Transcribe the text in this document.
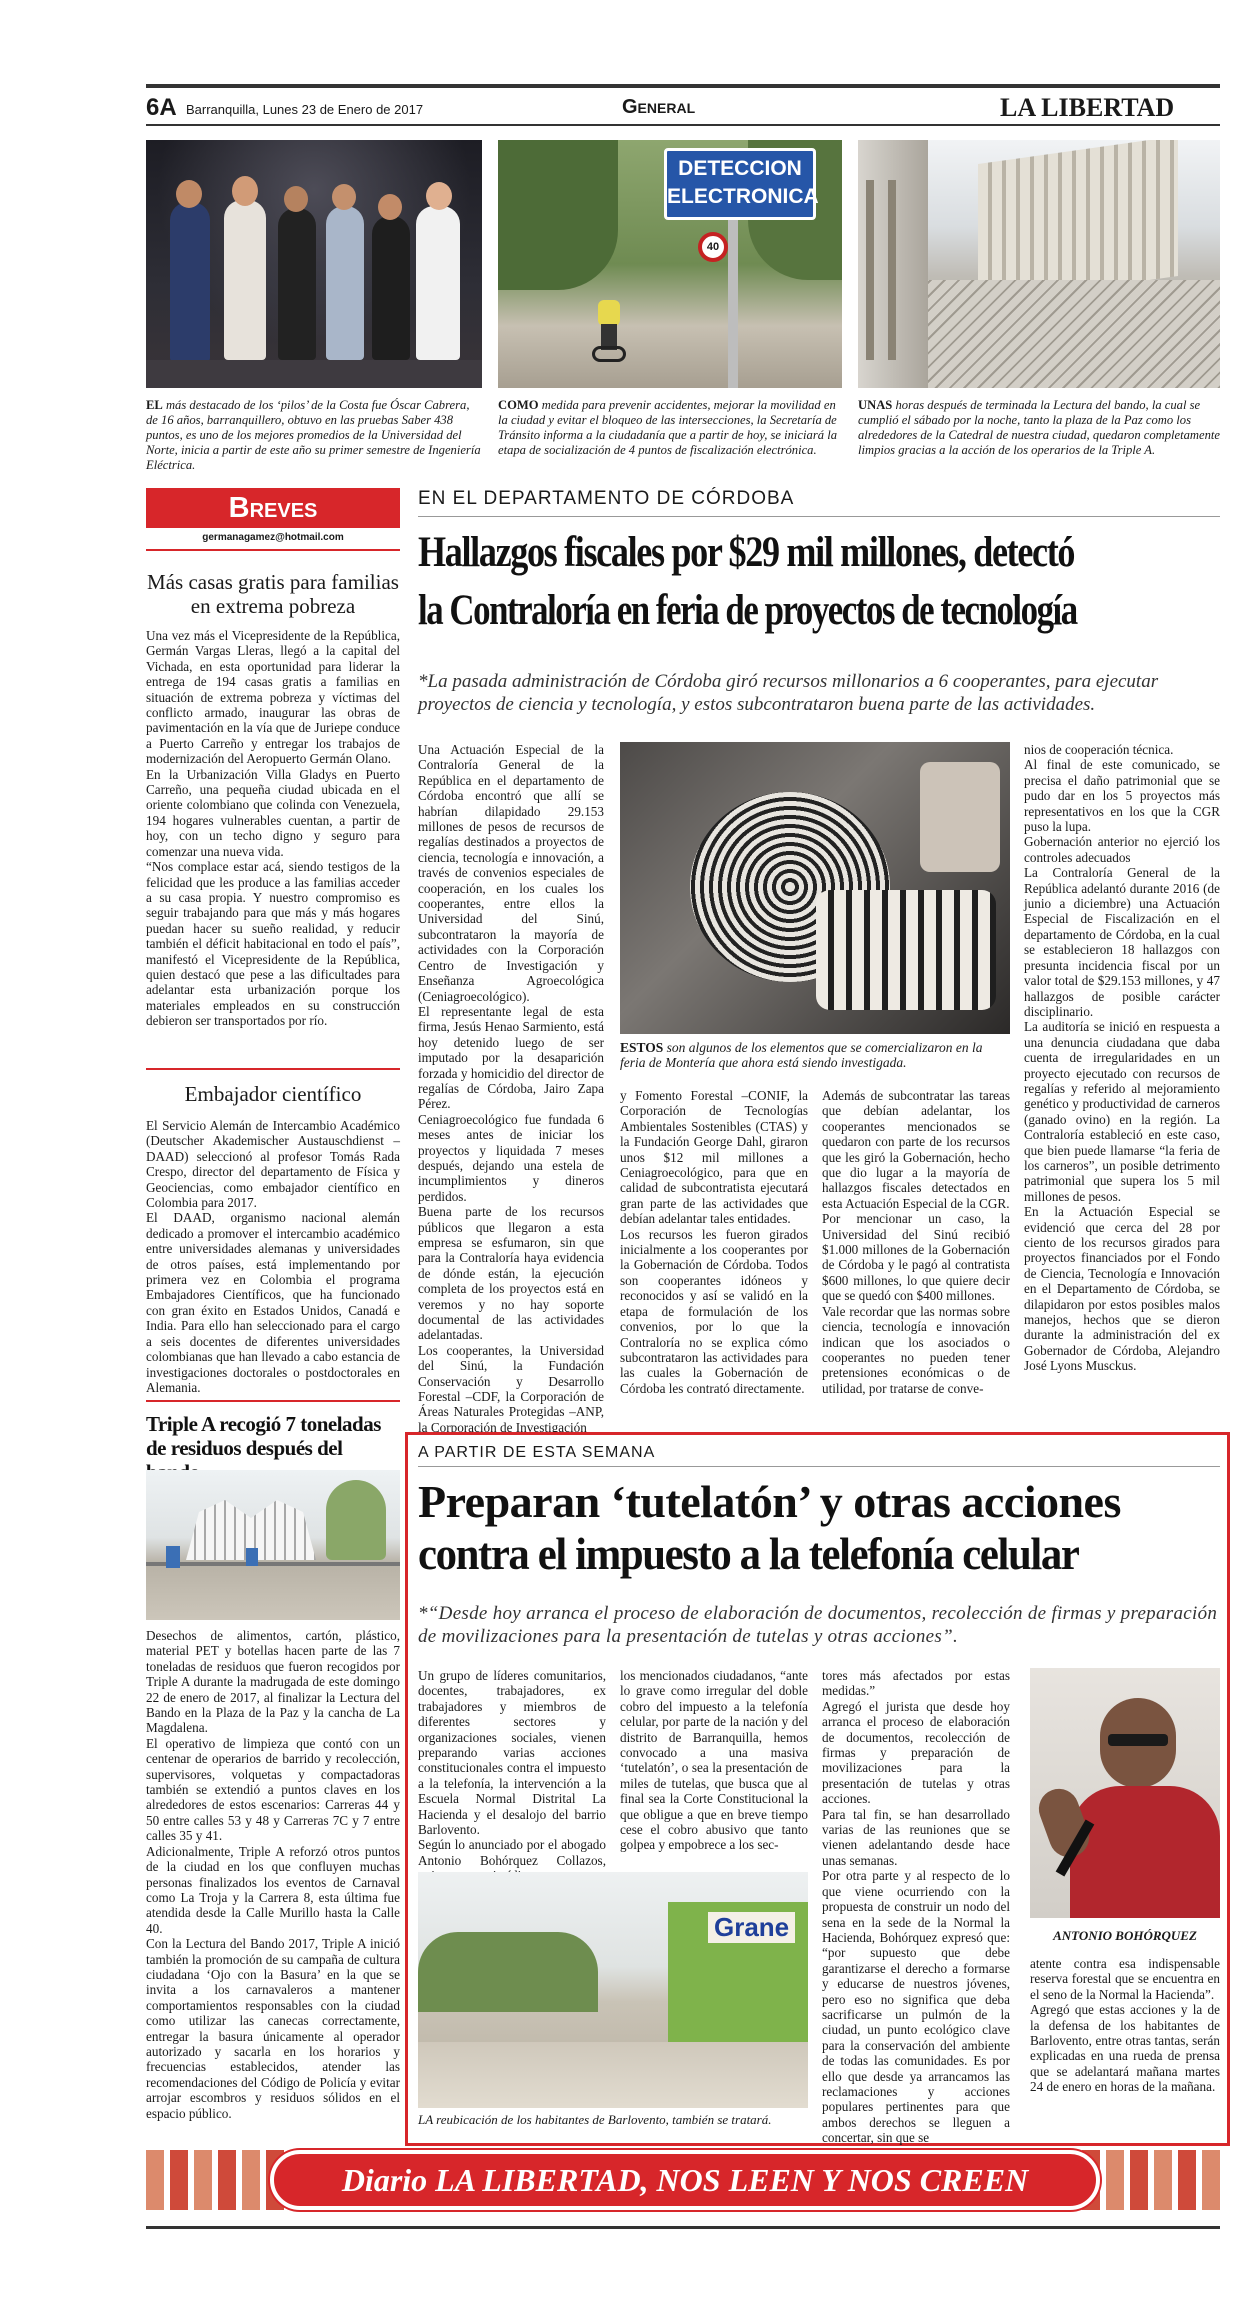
6A Barranquilla, Lunes 23 de Enero de 2017	General	LA LIBERTAD
DETECCION
ELECTRONICA
40
EL más destacado de los ‘pilos’ de la Costa fue Óscar Cabrera, de 16 años, barranquillero, obtuvo en las pruebas Saber 438 puntos, es uno de los mejores promedios de la Universidad del Norte, inicia a partir de este año su primer semestre de Ingeniería Eléctrica.
COMO medida para prevenir accidentes, mejorar la movilidad en la ciudad y evitar el bloqueo de las intersecciones, la Secretaría de Tránsito informa a la ciudadanía que a partir de hoy, se iniciará la etapa de socialización de 4 puntos de fiscalización electrónica.
UNAS horas después de terminada la Lectura del bando, la cual se cumplió el sábado por la noche, tanto la plaza de la Paz como los alrededores de la Catedral de nuestra ciudad, quedaron completamente limpios gracias a la acción de los operarios de la Triple A.
Breves
germanagamez@hotmail.com
Más casas gratis para familias en extrema pobreza

Una vez más el Vicepresidente de la República, Germán Vargas Lleras, llegó a la capital del Vichada, en esta oportunidad para liderar la entrega de 194 casas gratis a familias en situación de extrema pobreza y víctimas del conflicto armado, inaugurar las obras de pavimentación en la vía que de Juriepe conduce a Puerto Carreño y entregar los trabajos de modernización del Aeropuerto Germán Olano.

En la Urbanización Villa Gladys en Puerto Carreño, una pequeña ciudad ubicada en el oriente colombiano que colinda con Venezuela, 194 hogares vulnerables cuentan, a partir de hoy, con un techo digno y seguro para comenzar una nueva vida.

“Nos complace estar acá, siendo testigos de la felicidad que les produce a las familias acceder a su casa propia. Y nuestro compromiso es seguir trabajando para que más y más hogares puedan hacer su sueño realidad, y reducir también el déficit habitacional en todo el país”, manifestó el Vicepresidente de la República, quien destacó que pese a las dificultades para adelantar esta urbanización porque los materiales empleados en su construcción debieron ser transportados por río.

Embajador científico

El Servicio Alemán de Intercambio Académico (Deutscher Akademischer Austauschdienst – DAAD) seleccionó al profesor Tomás Rada Crespo, director del departamento de Física y Geociencias, como embajador científico en Colombia para 2017.

El DAAD, organismo nacional alemán dedicado a promover el intercambio académico entre universidades alemanas y universidades de otros países, está implementando por primera vez en Colombia el programa Embajadores Científicos, que ha funcionado con gran éxito en Estados Unidos, Canadá e India. Para ello han seleccionado para el cargo a seis docentes de diferentes universidades colombianas que han llevado a cabo estancia de investigaciones doctorales o postdoctorales en Alemania.

Triple A recogió 7 toneladas de residuos después del

Desechos de alimentos, cartón, plástico, material PET y botellas hacen parte de las 7 toneladas de residuos que fueron recogidos por Triple A durante la madrugada de este domingo 22 de enero de 2017, al finalizar la Lectura del Bando en la Plaza de la Paz y la cancha de La Magdalena.

El operativo de limpieza que contó con un centenar de operarios de barrido y recolección, supervisores, volquetas y compactadoras también se extendió a puntos claves en los alrededores de estos escenarios: Carreras 44 y 50 entre calles 53 y 48 y Carreras 7C y 7 entre calles 35 y 41.

Adicionalmente, Triple A reforzó otros puntos de la ciudad en los que confluyen muchas personas finalizados los eventos de Carnaval como La Troja y la Carrera 8, esta última fue atendida desde la Calle Murillo hasta la Calle 40.

Con la Lectura del Bando 2017, Triple A inició también la promoción de su campaña de cultura ciudadana ‘Ojo con la Basura’ en la que se invita a los carnavaleros a mantener comportamientos responsables con la ciudad como utilizar las canecas correctamente, entregar la basura únicamente al operador autorizado y sacarla en los horarios y frecuencias establecidos, atender las recomendaciones del Código de Policía y evitar arrojar escombros y residuos sólidos en el espacio público.

EN EL DEPARTAMENTO DE CÓRDOBA
Hallazgos fiscales por $29 mil millones, detectó
la Contraloría en feria de proyectos de tecnología
*La pasada administración de Córdoba giró recursos millonarios a 6 cooperantes, para ejecutar proyectos de ciencia y tecnología, y estos subcontrataron buena parte de las actividades.
Una Actuación Especial de la Contraloría General de la República en el departamento de Córdoba encontró que allí se habrían dilapidado 29.153 millones de pesos de recursos de regalías destinados a proyectos de ciencia, tecnología e innovación, a través de convenios especiales de cooperación, en los cuales los cooperantes, entre ellos la Universidad del Sinú, subcontrataron la mayoría de actividades con la Corporación Centro de Investigación y Enseñanza Agroecológica (Ceniagroecológico).
El representante legal de esta firma, Jesús Henao Sarmiento, está hoy detenido luego de ser imputado por la desaparición forzada y homicidio del director de regalías de Córdoba, Jairo Zapa Pérez.
Ceniagroecológico fue fundada 6 meses antes de iniciar los proyectos y liquidada 7 meses después, dejando una estela de incumplimientos y dineros perdidos.
Buena parte de los recursos públicos que llegaron a esta empresa se esfumaron, sin que para la Contraloría haya evidencia de dónde están, la ejecución completa de los proyectos está en veremos y no hay soporte documental de las actividades adelantadas.
Los cooperantes, la Universidad del Sinú, la Fundación Conservación y Desarrollo Forestal –CDF, la Corporación de Áreas Naturales Protegidas –ANP, la Corporación de Investigación
ESTOS son algunos de los elementos que se comercializaron en la feria de Montería que ahora está siendo investigada.
y Fomento Forestal –CONIF, la Corporación de Tecnologías Ambientales Sostenibles (CTAS) y la Fundación George Dahl, giraron unos $12 mil millones a Ceniagroecológico, para que en calidad de subcontratista ejecutará gran parte de las actividades que debían adelantar tales entidades.
Los recursos les fueron girados inicialmente a los cooperantes por la Gobernación de Córdoba. Todos son cooperantes idóneos y reconocidos y así se validó en la etapa de formulación de los convenios, por lo que la Contraloría no se explica cómo subcontrataron las actividades para las cuales la Gobernación de Córdoba les contrató directamente.
Además de subcontratar las tareas que debían adelantar, los cooperantes mencionados se quedaron con parte de los recursos que les giró la Gobernación, hecho que dio lugar a la mayoría de hallazgos fiscales detectados en esta Actuación Especial de la CGR.
Por mencionar un caso, la Universidad del Sinú recibió $1.000 millones de la Gobernación de Córdoba y le pagó al contratista $600 millones, lo que quiere decir que se quedó con $400 millones.
Vale recordar que las normas sobre ciencia, tecnología e innovación indican que los asociados o cooperantes no pueden tener pretensiones económicas o de utilidad, por tratarse de conve-
nios de cooperación técnica.
Al final de este comunicado, se precisa el daño patrimonial que se pudo dar en los 5 proyectos más representativos en los que la CGR puso la lupa.
Gobernación anterior no ejerció los controles adecuados
La Contraloría General de la República adelantó durante 2016 (de junio a diciembre) una Actuación Especial de Fiscalización en el departamento de Córdoba, en la cual se establecieron 18 hallazgos con presunta incidencia fiscal por un valor total de $29.153 millones, y 47 hallazgos de posible carácter disciplinario.
La auditoría se inició en respuesta a una denuncia ciudadana que daba cuenta de irregularidades en un proyecto ejecutado con recursos de regalías y referido al mejoramiento genético y productividad de carneros (ganado ovino) en la región. La Contraloría estableció en este caso, que bien puede llamarse “la feria de los carneros”, un posible detrimento patrimonial que supera los 5 mil millones de pesos.
En la Actuación Especial se evidenció que cerca del 28 por ciento de los recursos girados para proyectos financiados por el Fondo de Ciencia, Tecnología e Innovación en el Departamento de Córdoba, se dilapidaron por estos posibles malos manejos, hechos que se dieron durante la administración del ex Gobernador de Córdoba, Alejandro José Lyons Musckus.
A PARTIR DE ESTA SEMANA
Preparan ‘tutelatón’ y otras acciones
contra el impuesto a la telefonía celular
*“Desde hoy arranca el proceso de elaboración de documentos, recolección de firmas y preparación de movilizaciones para la presentación de tutelas y otras acciones”.
Un grupo de líderes comunitarios, docentes, trabajadores, ex trabajadores y miembros de diferentes sectores y organizaciones sociales, vienen preparando varias acciones constitucionales contra el impuesto a la telefonía, la intervención a la Escuela Normal Distrital La Hacienda y el desalojo del barrio Barlovento.
Según lo anunciado por el abogado Antonio Bohórquez Collazos,
los mencionados ciudadanos, “ante lo grave como irregular del doble cobro del impuesto a la telefonía celular, por parte de la nación y del distrito de Barranquilla, hemos convocado a una masiva ‘tutelatón’, o sea la presentación de miles de tutelas, que busca que al final sea la Corte Constitucional la que obligue a que en breve tiempo cese el cobro abusivo que tanto golpea y empobrece a los sec-
tores más afectados por estas medidas.”
Agregó el jurista que desde hoy arranca el proceso de elaboración de documentos, recolección de firmas y preparación de movilizaciones para la presentación de tutelas y otras acciones.
Para tal fin, se han desarrollado varias de las reuniones que se vienen adelantando desde hace unas semanas.
Por otra parte y al respecto de lo que viene ocurriendo con la propuesta de construir un nodo del sena en la sede de la Normal la Hacienda, Bohórquez expresó que: “por supuesto que debe garantizarse el derecho a formarse y educarse de nuestros jóvenes, pero eso no significa que deba sacrificarse un pulmón de la ciudad, un punto ecológico clave para la conservación del ambiente de todas las comunidades. Es por ello que desde ya arrancamos las reclamaciones y acciones populares pertinentes para que ambos derechos se lleguen a concertar, sin que se
ANTONIO BOHÓRQUEZ
atente contra esa indispensable reserva forestal que se encuentra en el seno de la Normal la Hacienda”.
Agregó que estas acciones y la de la defensa de los habitantes de Barlovento, entre otras tantas, serán explicadas en una rueda de prensa que se adelantará mañana martes 24 de enero en horas de la mañana.
Grane
LA reubicación de los habitantes de Barlovento, también se tratará.
Diario LA LIBERTAD, NOS LEEN Y NOS CREEN
